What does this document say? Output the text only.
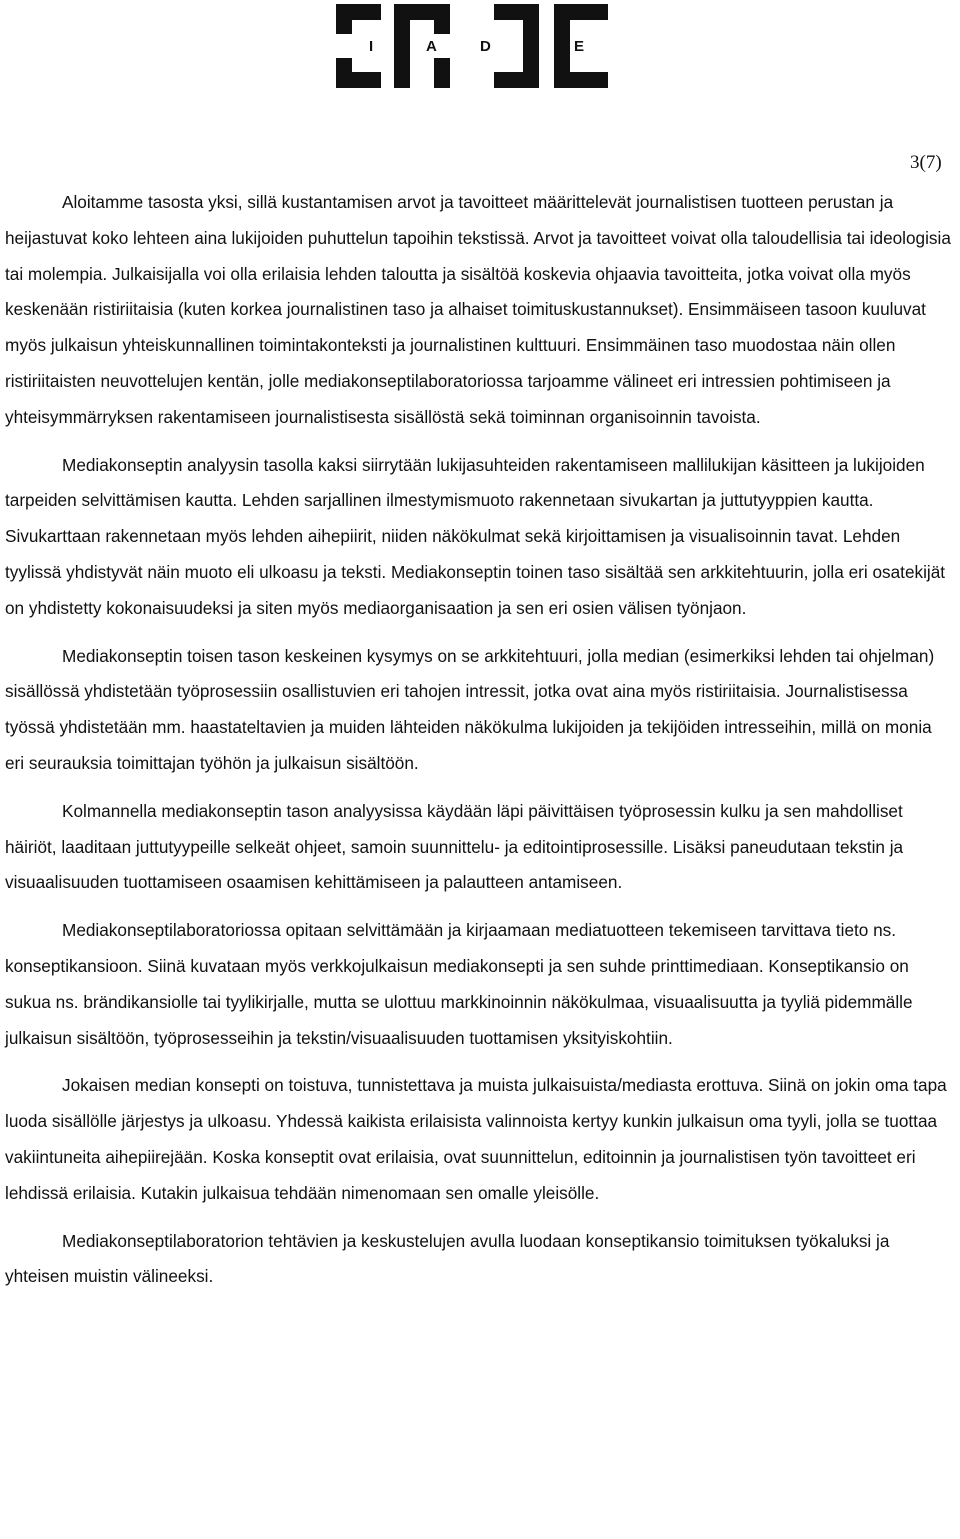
I	A	D	E
3(7)

Aloitamme tasosta yksi, sillä kustantamisen arvot ja tavoitteet määrittelevät journalistisen tuotteen perustan ja heijastuvat koko lehteen aina lukijoiden puhuttelun tapoihin tekstissä. Arvot ja tavoitteet voivat olla taloudellisia tai ideologisia tai molempia. Julkaisijalla voi olla erilaisia lehden taloutta ja sisältöä koskevia ohjaavia tavoitteita, jotka voivat olla myös keskenään ristiriitaisia (kuten korkea journalistinen taso ja alhaiset toimituskustannukset). Ensimmäiseen tasoon kuuluvat myös julkaisun yhteiskunnallinen toimintakonteksti ja journalistinen kulttuuri. Ensimmäinen taso muodostaa näin ollen ristiriitaisten neuvottelujen kentän, jolle mediakonseptilaboratoriossa tarjoamme välineet eri intressien pohtimiseen ja yhteisymmärryksen rakentamiseen journalistisesta sisällöstä sekä toiminnan organisoinnin tavoista.

Mediakonseptin analyysin tasolla kaksi siirrytään lukijasuhteiden rakentamiseen mallilukijan käsitteen ja lukijoiden tarpeiden selvittämisen kautta. Lehden sarjallinen ilmestymismuoto rakennetaan sivukartan ja juttutyyppien kautta. Sivukarttaan rakennetaan myös lehden aihepiirit, niiden näkökulmat sekä kirjoittamisen ja visualisoinnin tavat. Lehden tyylissä yhdistyvät näin muoto eli ulkoasu ja teksti. Mediakonseptin toinen taso sisältää sen arkkitehtuurin, jolla eri osatekijät on yhdistetty kokonaisuudeksi ja siten myös mediaorganisaation ja sen eri osien välisen työnjaon.

Mediakonseptin toisen tason keskeinen kysymys on se arkkitehtuuri, jolla median (esimerkiksi lehden tai ohjelman) sisällössä yhdistetään työprosessiin osallistuvien eri tahojen intressit, jotka ovat aina myös ristiriitaisia. Journalistisessa työssä yhdistetään mm. haastateltavien ja muiden lähteiden näkökulma lukijoiden ja tekijöiden intresseihin, millä on monia eri seurauksia toimittajan työhön ja julkaisun sisältöön.

Kolmannella mediakonseptin tason analyysissa käydään läpi päivittäisen työprosessin kulku ja sen mahdolliset häiriöt, laaditaan juttutyypeille selkeät ohjeet, samoin suunnittelu- ja editointiprosessille. Lisäksi paneudutaan tekstin ja visuaalisuuden tuottamiseen osaamisen kehittämiseen ja palautteen antamiseen.

Mediakonseptilaboratoriossa opitaan selvittämään ja kirjaamaan mediatuotteen tekemiseen tarvittava tieto ns. konseptikansioon. Siinä kuvataan myös verkkojulkaisun mediakonsepti ja sen suhde printtimediaan. Konseptikansio on sukua ns. brändikansiolle tai tyylikirjalle, mutta se ulottuu markkinoinnin näkökulmaa, visuaalisuutta ja tyyliä pidemmälle julkaisun sisältöön, työprosesseihin ja tekstin/visuaalisuuden tuottamisen yksityiskohtiin.

Jokaisen median konsepti on toistuva, tunnistettava ja muista julkaisuista/mediasta erottuva. Siinä on jokin oma tapa luoda sisällölle järjestys ja ulkoasu. Yhdessä kaikista erilaisista valinnoista kertyy kunkin julkaisun oma tyyli, jolla se tuottaa vakiintuneita aihepiirejään. Koska konseptit ovat erilaisia, ovat suunnittelun, editoinnin ja journalistisen työn tavoitteet eri lehdissä erilaisia. Kutakin julkaisua tehdään nimenomaan sen omalle yleisölle.

Mediakonseptilaboratorion tehtävien ja keskustelujen avulla luodaan konseptikansio toimituksen työkaluksi ja yhteisen muistin välineeksi.
